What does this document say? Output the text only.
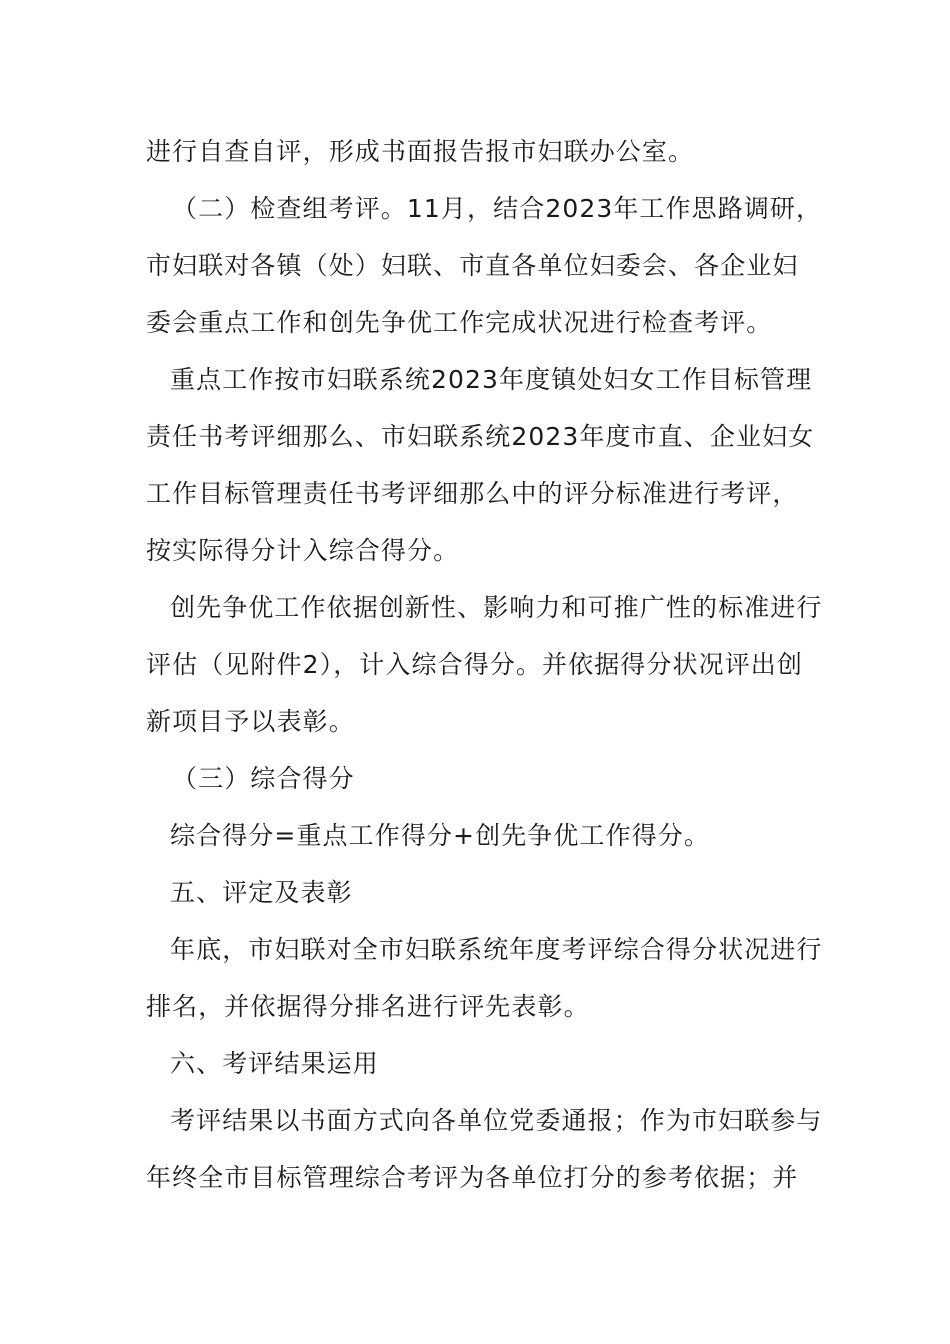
进行自查自评，形成书面报告报市妇联办公室。
（二）检查组考评。11月，结合2023年工作思路调研，
市妇联对各镇（处）妇联、市直各单位妇委会、各企业妇
委会重点工作和创先争优工作完成状况进行检查考评。
重点工作按市妇联系统2023年度镇处妇女工作目标管理
责任书考评细那么、市妇联系统2023年度市直、企业妇女
工作目标管理责任书考评细那么中的评分标准进行考评，
按实际得分计入综合得分。
创先争优工作依据创新性、影响力和可推广性的标准进行
评估（见附件2），计入综合得分。并依据得分状况评出创
新项目予以表彰。
（三）综合得分
综合得分=重点工作得分+创先争优工作得分。
五、评定及表彰
年底，市妇联对全市妇联系统年度考评综合得分状况进行
排名，并依据得分排名进行评先表彰。
六、考评结果运用
考评结果以书面方式向各单位党委通报；作为市妇联参与
年终全市目标管理综合考评为各单位打分的参考依据；并
